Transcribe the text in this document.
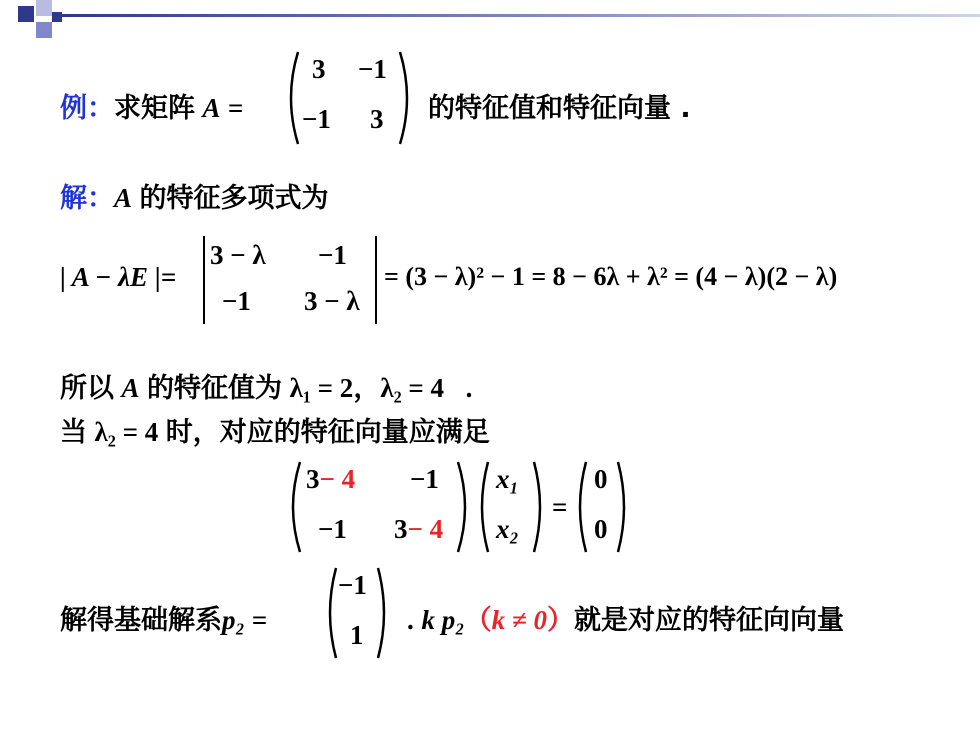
例：求矩阵 A =
3 −1
−1 3 的特征值和特征向量 .
解：A 的特征多项式为
| A − λE |=
3 − λ −1
−1 3 − λ
= (3 − λ)² − 1 = 8 − 6λ + λ² = (4 − λ)(2 − λ)
所以 A 的特征值为 λ₁ = 2，λ₂ = 4 .
当 λ₂ = 4 时，对应的特征向量应满足
3− 4 −1
−1 3− 4
x₁
x₂
=
0
0
解得基础解系p₂ =
−1
1 . k p₂（k ≠ 0）就是对应的特征向向量
